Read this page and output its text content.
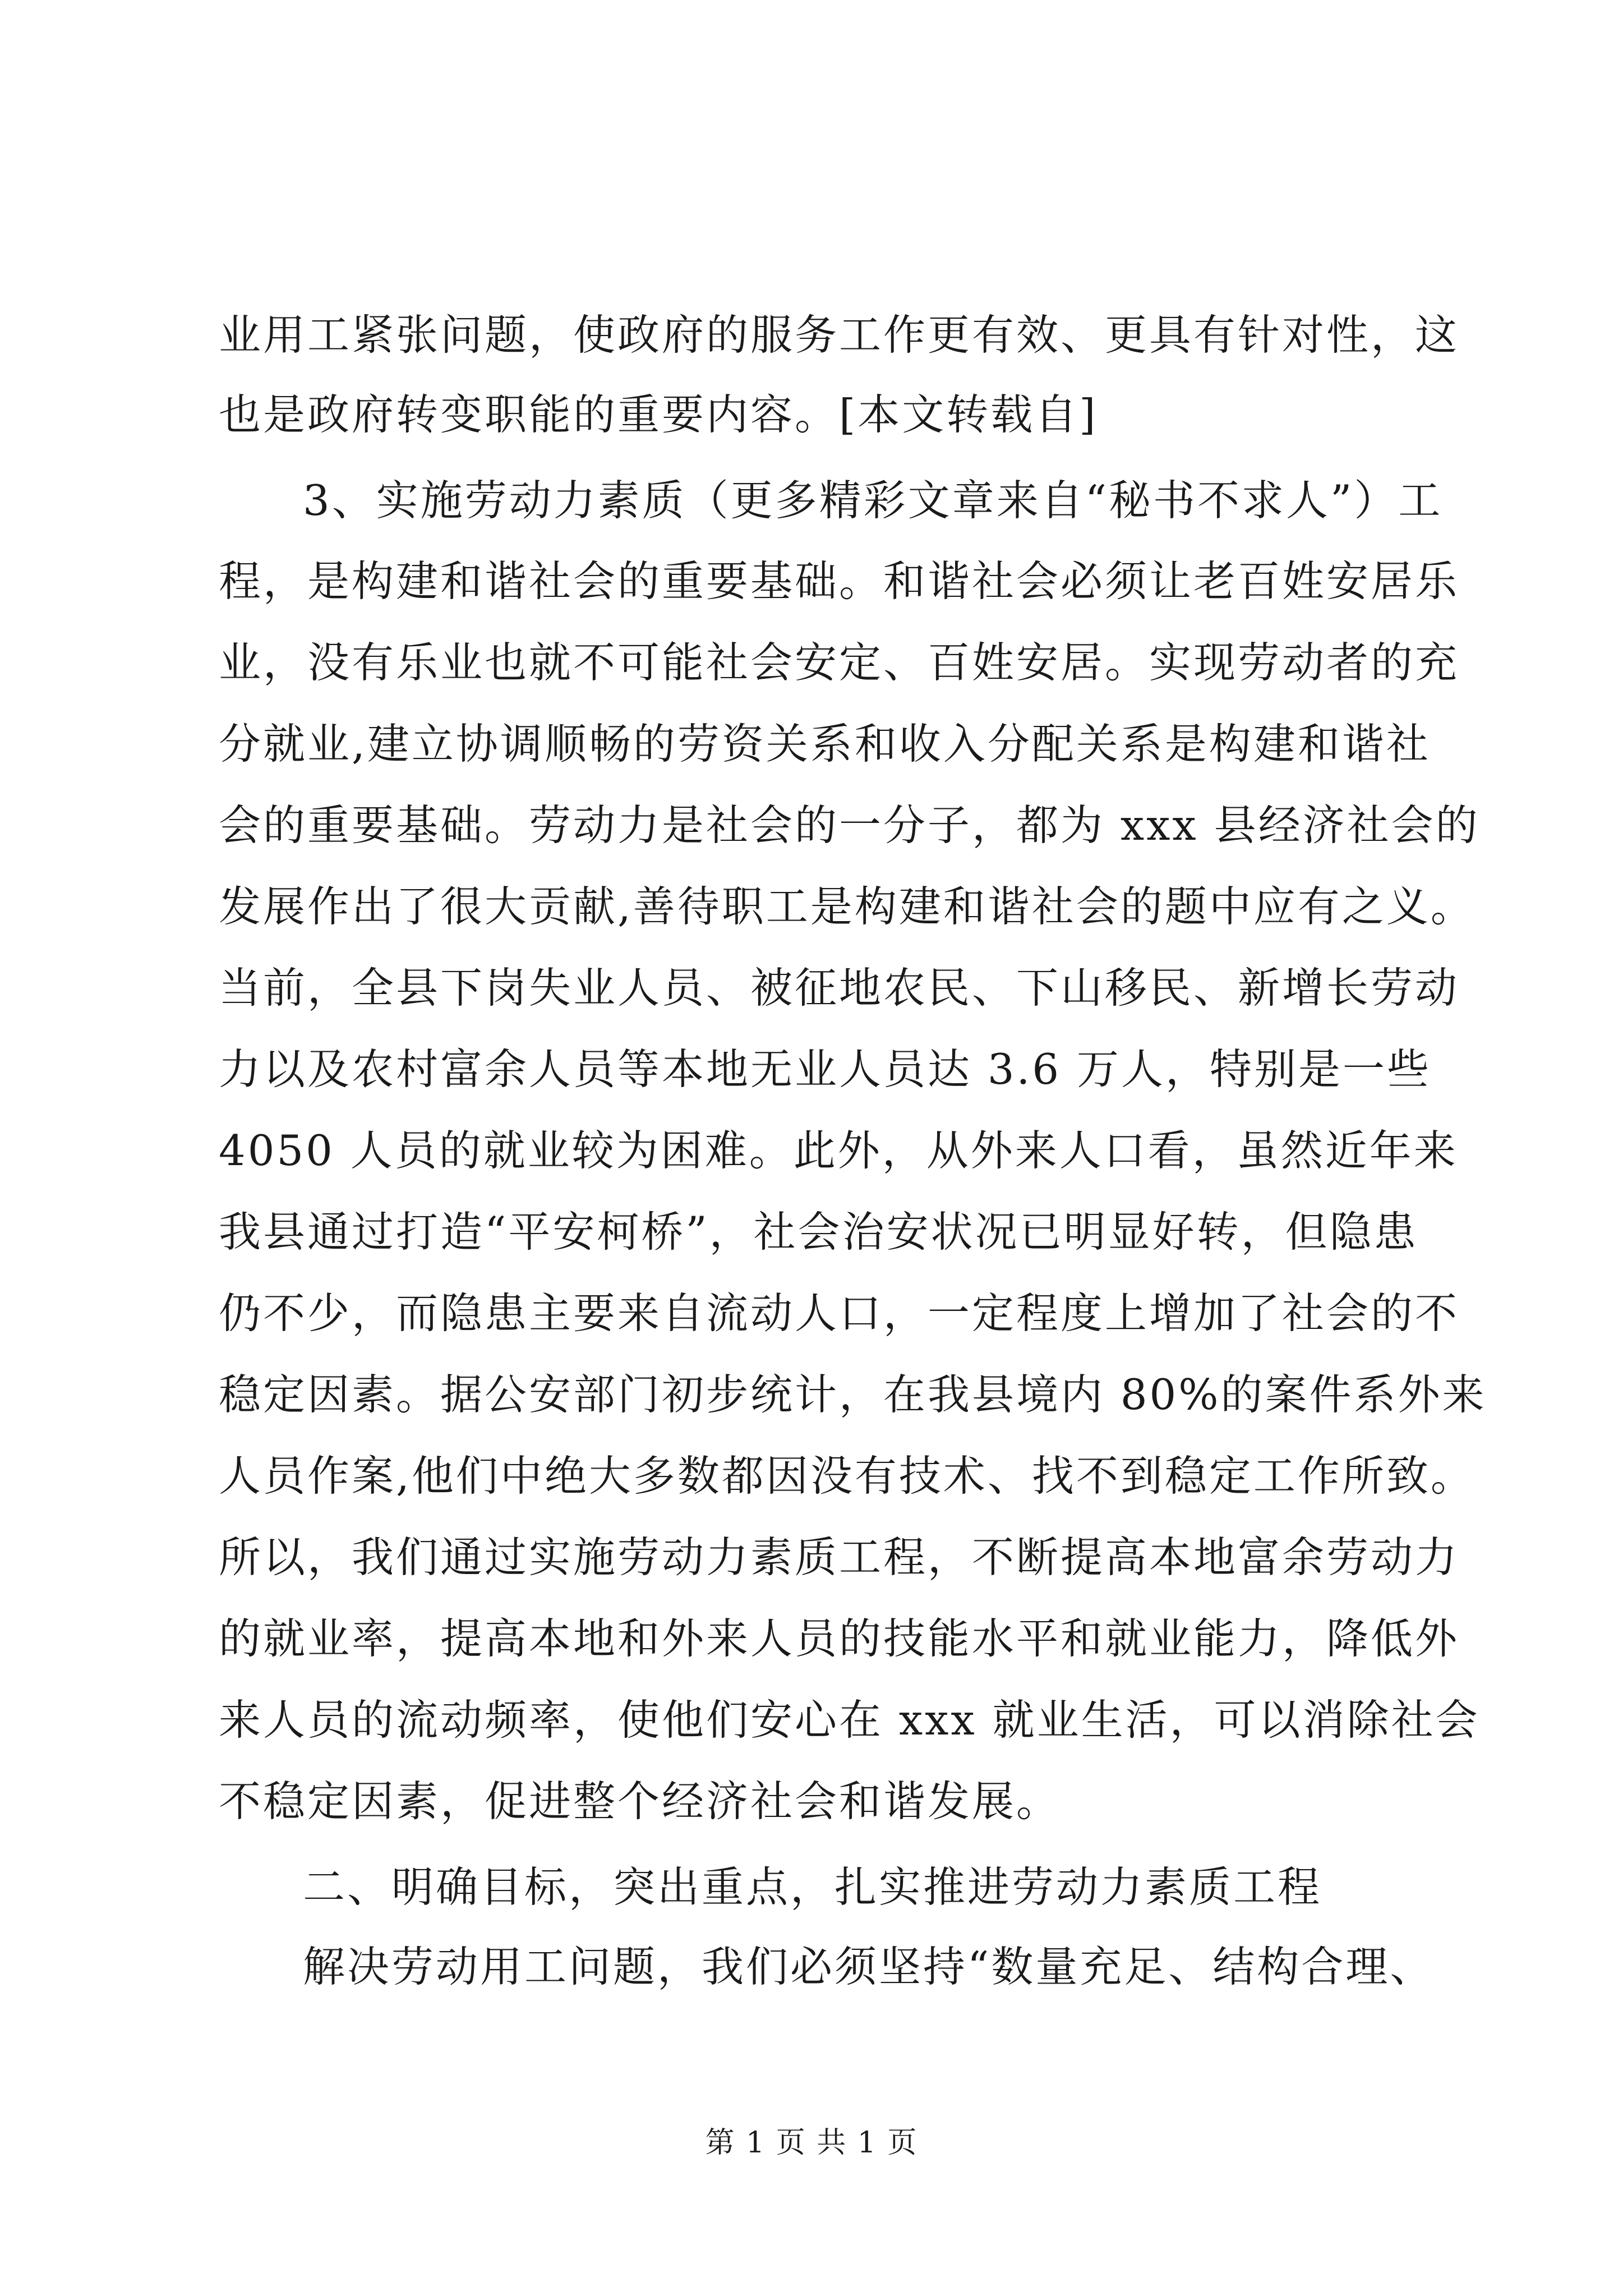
业用工紧张问题，使政府的服务工作更有效、更具有针对性，这
也是政府转变职能的重要内容。[本文转载自]
3、实施劳动力素质（更多精彩文章来自“秘书不求人”）工
程，是构建和谐社会的重要基础。和谐社会必须让老百姓安居乐
业，没有乐业也就不可能社会安定、百姓安居。实现劳动者的充
分就业,建立协调顺畅的劳资关系和收入分配关系是构建和谐社
会的重要基础。劳动力是社会的一分子，都为 xxx 县经济社会的
发展作出了很大贡献,善待职工是构建和谐社会的题中应有之义。
当前，全县下岗失业人员、被征地农民、下山移民、新增长劳动
力以及农村富余人员等本地无业人员达 3.6 万人，特别是一些
4050 人员的就业较为困难。此外，从外来人口看，虽然近年来
我县通过打造“平安柯桥”，社会治安状况已明显好转，但隐患
仍不少，而隐患主要来自流动人口，一定程度上增加了社会的不
稳定因素。据公安部门初步统计，在我县境内 80%的案件系外来
人员作案,他们中绝大多数都因没有技术、找不到稳定工作所致。
所以，我们通过实施劳动力素质工程，不断提高本地富余劳动力
的就业率，提高本地和外来人员的技能水平和就业能力，降低外
来人员的流动频率，使他们安心在 xxx 就业生活，可以消除社会
不稳定因素，促进整个经济社会和谐发展。
二、明确目标，突出重点，扎实推进劳动力素质工程
解决劳动用工问题，我们必须坚持“数量充足、结构合理、
第 1 页 共 1 页
